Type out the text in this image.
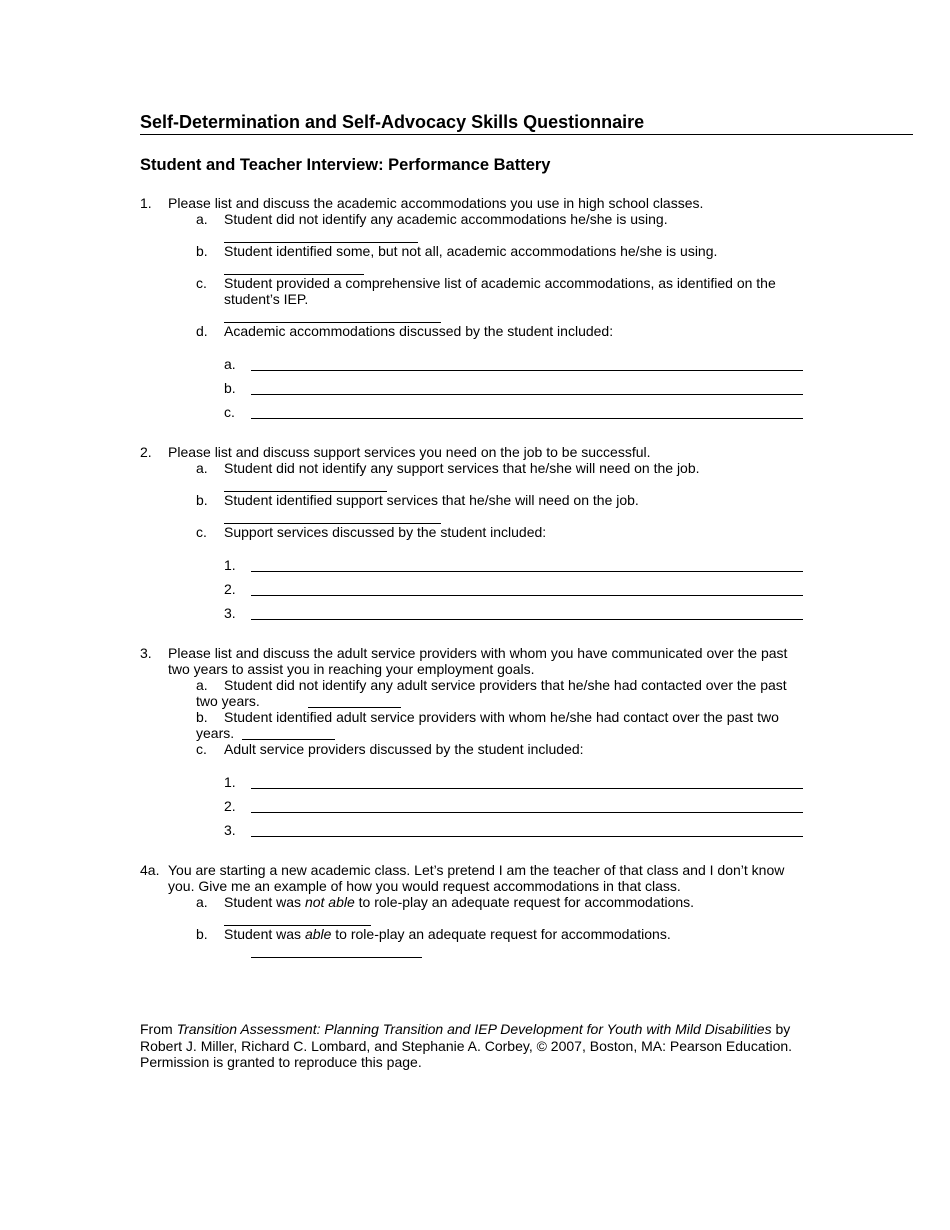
Self-Determination and Self-Advocacy Skills Questionnaire
Student and Teacher Interview: Performance Battery
1. Please list and discuss the academic accommodations you use in high school classes.
a. Student did not identify any academic accommodations he/she is using.
b. Student identified some, but not all, academic accommodations he/she is using.
c. Student provided a comprehensive list of academic accommodations, as identified on the
student’s IEP.
d. Academic accommodations discussed by the student included:
a.
b.
c.
2. Please list and discuss support services you need on the job to be successful.
a. Student did not identify any support services that he/she will need on the job.
b. Student identified support services that he/she will need on the job.
c. Support services discussed by the student included:
1.
2.
3.
3. Please list and discuss the adult service providers with whom you have communicated over the past
two years to assist you in reaching your employment goals.
a. Student did not identify any adult service providers that he/she had contacted over the past
two years.
b. Student identified adult service providers with whom he/she had contact over the past two
years.
c. Adult service providers discussed by the student included:
1.
2.
3.
4a. You are starting a new academic class. Let’s pretend I am the teacher of that class and I don’t know
you. Give me an example of how you would request accommodations in that class.
a. Student was not able to role-play an adequate request for accommodations.
b. Student was able to role-play an adequate request for accommodations.
From Transition Assessment: Planning Transition and IEP Development for Youth with Mild Disabilities by
Robert J. Miller, Richard C. Lombard, and Stephanie A. Corbey, © 2007, Boston, MA: Pearson Education.
Permission is granted to reproduce this page.
